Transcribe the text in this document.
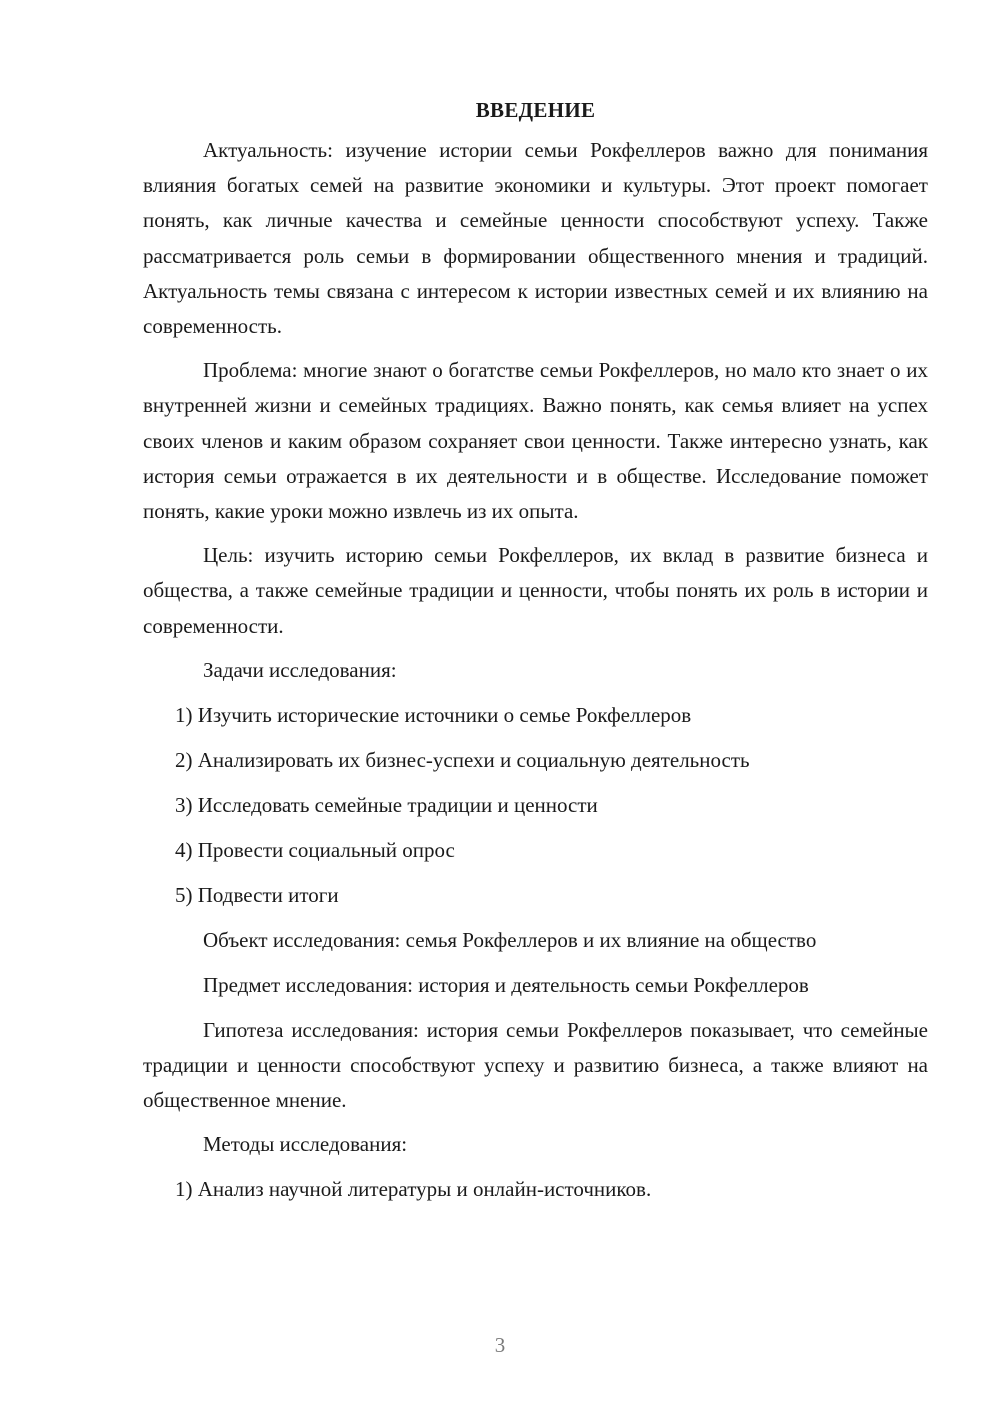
ВВЕДЕНИЕ

Актуальность: изучение истории семьи Рокфеллеров важно для понимания влияния богатых семей на развитие экономики и культуры. Этот проект помогает понять, как личные качества и семейные ценности способствуют успеху. Также рассматривается роль семьи в формировании общественного мнения и традиций. Актуальность темы связана с интересом к истории известных семей и их влиянию на современность.

Проблема: многие знают о богатстве семьи Рокфеллеров, но мало кто знает о их внутренней жизни и семейных традициях. Важно понять, как семья влияет на успех своих членов и каким образом сохраняет свои ценности. Также интересно узнать, как история семьи отражается в их деятельности и в обществе. Исследование поможет понять, какие уроки можно извлечь из их опыта.

Цель: изучить историю семьи Рокфеллеров, их вклад в развитие бизнеса и общества, а также семейные традиции и ценности, чтобы понять их роль в истории и современности.

Задачи исследования:
1) Изучить исторические источники о семье Рокфеллеров
2) Анализировать их бизнес-успехи и социальную деятельность
3) Исследовать семейные традиции и ценности
4) Провести социальный опрос
5) Подвести итоги
Объект исследования: семья Рокфеллеров и их влияние на общество
Предмет исследования: история и деятельность семьи Рокфеллеров

Гипотеза исследования: история семьи Рокфеллеров показывает, что семейные традиции и ценности способствуют успеху и развитию бизнеса, а также влияют на общественное мнение.

Методы исследования:
1) Анализ научной литературы и онлайн-источников.
3
